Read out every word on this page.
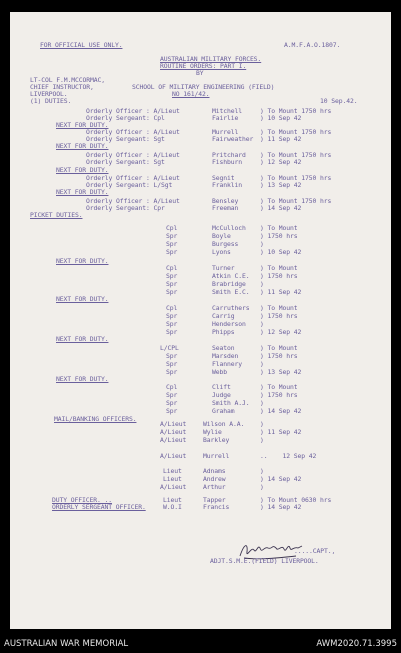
FOR OFFICIAL USE ONLY.	A.M.F.A.O.1807.
AUSTRALIAN MILITARY FORCES.
ROUTINE ORDERS: PART I.
BY
LT-COL F.M.MCCORMAC,
CHIEF INSTRUCTOR,	SCHOOL OF MILITARY ENGINEERING (FIELD)
LIVERPOOL.	NO 161/42.
10 Sep.42.
(1) DUTIES.
Orderly Officer : A/Lieut	Mitchell	) To Mount 1750 hrs
Orderly Sergeant: Cpl	Fairlie	) 10 Sep 42
NEXT FOR DUTY.
Orderly Officer : A/Lieut	Murrell	) To Mount 1750 hrs
Orderly Sergeant: Sgt	Fairweather ) 11 Sep 42
NEXT FOR DUTY.
Orderly Officer : A/Lieut	Pritchard ) To Mount 1750 hrs
Orderly Sergeant: Sgt	Fishburn	) 12 Sep 42
NEXT FOR DUTY.
Orderly Officer : A/Lieut	Segnit	) To Mount 1750 hrs
Orderly Sergeant: L/Sgt	Franklin	) 13 Sep 42
NEXT FOR DUTY.
Orderly Officer : A/Lieut	Bensley	) To Mount 1750 hrs
Orderly Sergeant: Cpr	Freeman	) 14 Sep 42
PICKET DUTIES.
Cpl	McCulloch ) To Mount
Spr	Boyle	) 1750 hrs
Spr	Burgess	)
Spr	Lyons	) 10 Sep 42
NEXT FOR DUTY.
Cpl	Turner	) To Mount
Spr	Atkin C.E. ) 1750 hrs
Spr	Brabridge )
Spr	Smith E.C. ) 11 Sep 42
NEXT FOR DUTY.
Cpl	Carruthers ) To Mount
Spr	Carrig	) 1750 hrs
Spr	Henderson )
Spr	Phipps	) 12 Sep 42
NEXT FOR DUTY.
L/CPL	Seaton	) To Mount
Spr	Marsden	) 1750 hrs
Spr	Flannery	)
Spr	Webb	) 13 Sep 42
NEXT FOR DUTY.
Cpl	Clift	) To Mount
Spr	Judge	) 1750 hrs
Spr	Smith A.J. )
Spr	Graham	) 14 Sep 42
MAIL/BANKING OFFICERS.
A/Lieut	Wilson A.A. )
A/Lieut	Wylie	) 11 Sep 42
A/Lieut	Barkley	)
A/Lieut	Murrell	..    12 Sep 42
Lieut	Adnams	)
Lieut	Andrew	) 14 Sep 42
A/Lieut	Arthur	)
DUTY OFFICER. ..	Lieut	Tapper	) To Mount 0630 hrs
ORDERLY SERGEANT OFFICER.	W.O.I	Francis	) 14 Sep 42
.....CAPT.,
ADJT.S.M.E.(FIELD) LIVERPOOL.
AUSTRALIAN WAR MEMORIAL	AWM2020.71.3995
